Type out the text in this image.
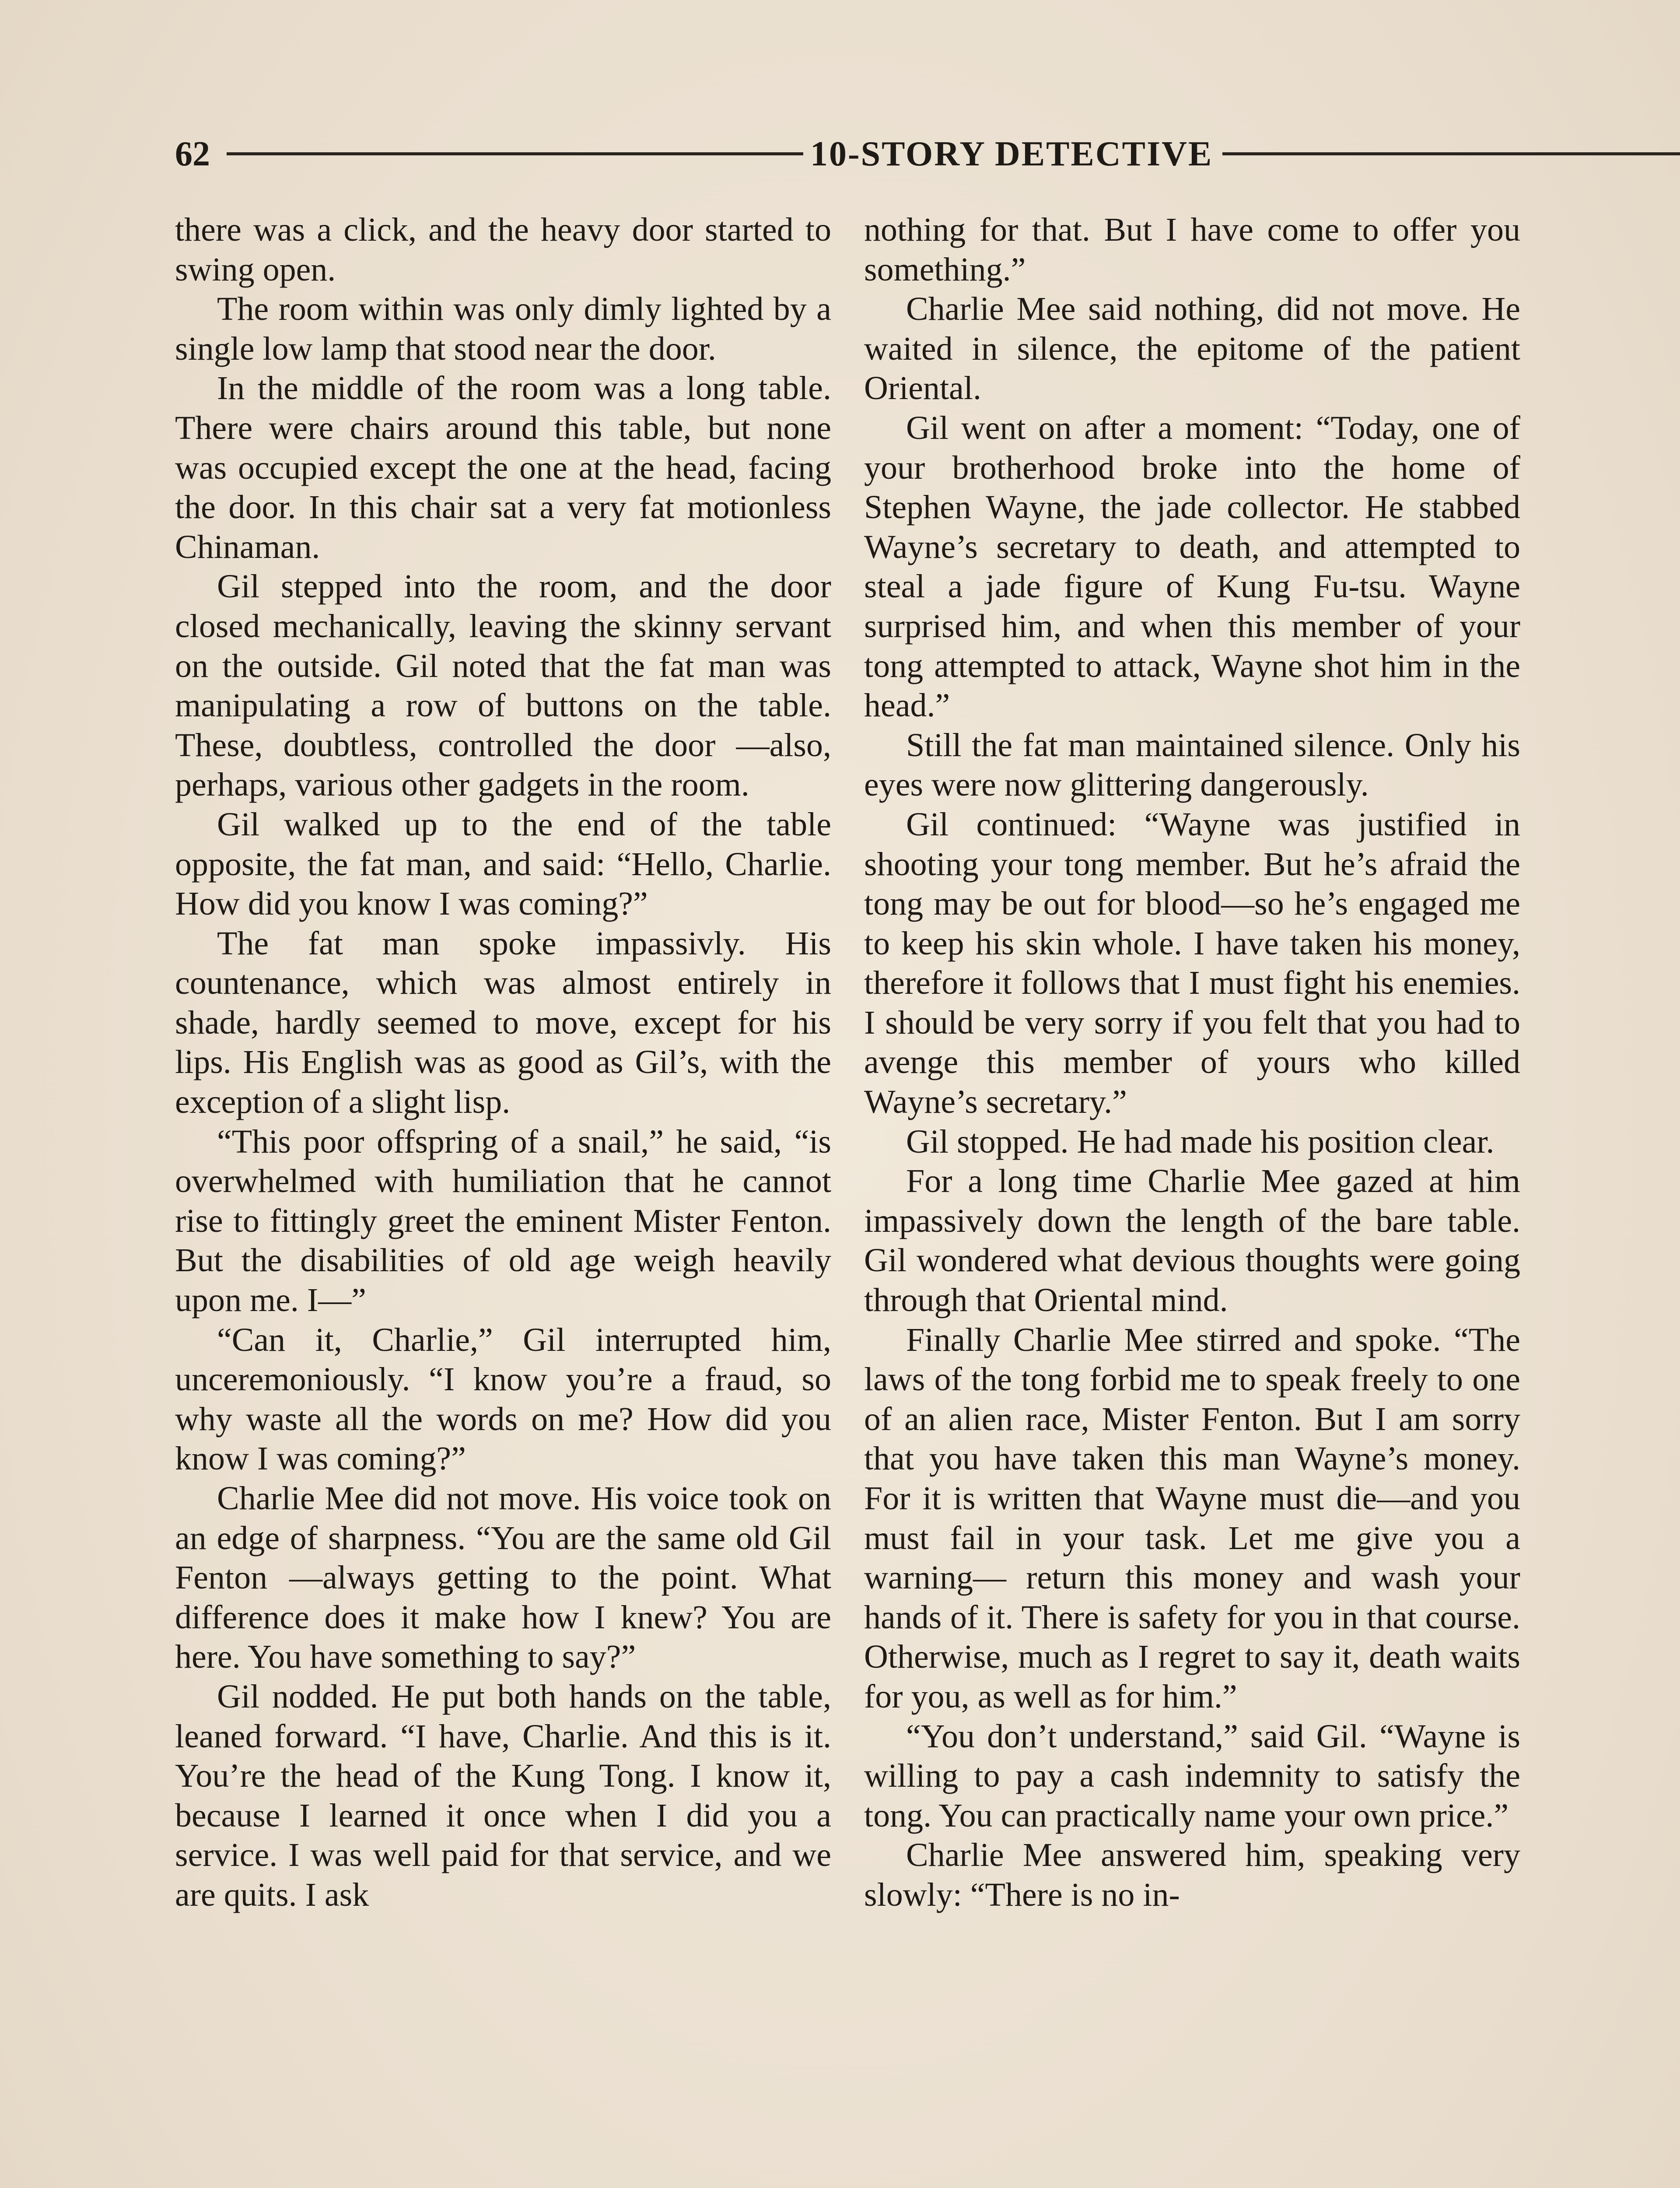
62	10-STORY DETECTIVE

there was a click, and the heavy door started to swing open.

The room within was only dimly lighted by a single low lamp that stood near the door.

In the middle of the room was a long table. There were chairs around this table, but none was occupied except the one at the head, facing the door. In this chair sat a very fat motionless Chinaman.

Gil stepped into the room, and the door closed mechanically, leaving the skinny servant on the outside. Gil noted that the fat man was manipulating a row of buttons on the table. These, doubtless, controlled the door —also, perhaps, various other gadgets in the room.

Gil walked up to the end of the table opposite, the fat man, and said: “Hello, Charlie. How did you know I was coming?”

The fat man spoke impassivly. His countenance, which was almost entirely in shade, hardly seemed to move, except for his lips. His English was as good as Gil’s, with the exception of a slight lisp.

“This poor offspring of a snail,” he said, “is overwhelmed with humiliation that he cannot rise to fittingly greet the eminent Mister Fenton. But the disabilities of old age weigh heavily upon me. I—”

“Can it, Charlie,” Gil interrupted him, unceremoniously. “I know you’re a fraud, so why waste all the words on me? How did you know I was coming?”

Charlie Mee did not move. His voice took on an edge of sharpness. “You are the same old Gil Fenton —always getting to the point. What difference does it make how I knew? You are here. You have something to say?”

Gil nodded. He put both hands on the table, leaned forward. “I have, Charlie. And this is it. You’re the head of the Kung Tong. I know it, because I learned it once when I did you a service. I was well paid for that service, and we are quits. I ask

nothing for that. But I have come to offer you something.”

Charlie Mee said nothing, did not move. He waited in silence, the epitome of the patient Oriental.

Gil went on after a moment: “Today, one of your brotherhood broke into the home of Stephen Wayne, the jade collector. He stabbed Wayne’s secretary to death, and attempted to steal a jade figure of Kung Fu-tsu. Wayne surprised him, and when this member of your tong attempted to attack, Wayne shot him in the head.”

Still the fat man maintained silence. Only his eyes were now glittering dangerously.

Gil continued: “Wayne was justified in shooting your tong member. But he’s afraid the tong may be out for blood—so he’s engaged me to keep his skin whole. I have taken his money, therefore it follows that I must fight his enemies. I should be very sorry if you felt that you had to avenge this member of yours who killed Wayne’s secretary.”

Gil stopped. He had made his position clear.

For a long time Charlie Mee gazed at him impassively down the length of the bare table. Gil wondered what devious thoughts were going through that Oriental mind.

Finally Charlie Mee stirred and spoke. “The laws of the tong forbid me to speak freely to one of an alien race, Mister Fenton. But I am sorry that you have taken this man Wayne’s money. For it is written that Wayne must die—and you must fail in your task. Let me give you a warning— return this money and wash your hands of it. There is safety for you in that course. Otherwise, much as I regret to say it, death waits for you, as well as for him.”

“You don’t understand,” said Gil. “Wayne is willing to pay a cash indemnity to satisfy the tong. You can practically name your own price.”

Charlie Mee answered him, speaking very slowly: “There is no in-
